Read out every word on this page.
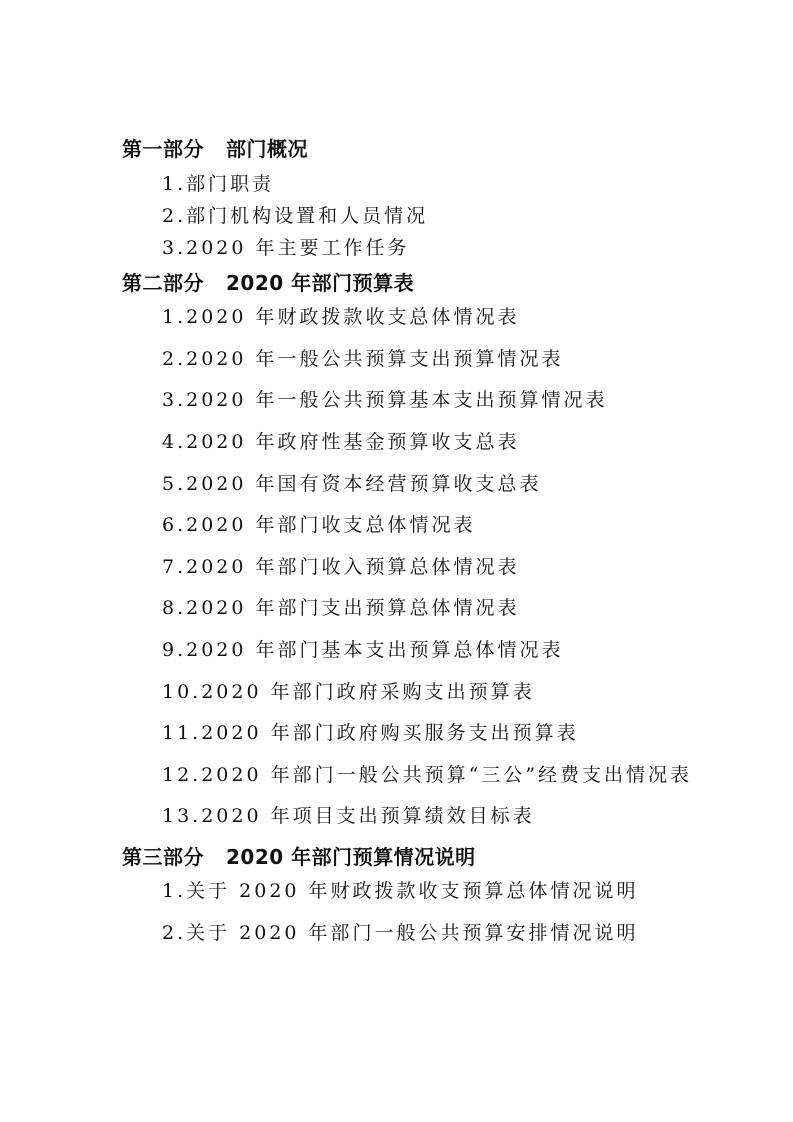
第一部分 部门概况
1.部门职责
2.部门机构设置和人员情况
3.2020 年主要工作任务
第二部分 2020 年部门预算表
1.2020 年财政拨款收支总体情况表
2.2020 年一般公共预算支出预算情况表
3.2020 年一般公共预算基本支出预算情况表
4.2020 年政府性基金预算收支总表
5.2020 年国有资本经营预算收支总表
6.2020 年部门收支总体情况表
7.2020 年部门收入预算总体情况表
8.2020 年部门支出预算总体情况表
9.2020 年部门基本支出预算总体情况表
10.2020 年部门政府采购支出预算表
11.2020 年部门政府购买服务支出预算表
12.2020 年部门一般公共预算“三公”经费支出情况表
13.2020 年项目支出预算绩效目标表
第三部分 2020 年部门预算情况说明
1.关于 2020 年财政拨款收支预算总体情况说明
2.关于 2020 年部门一般公共预算安排情况说明
